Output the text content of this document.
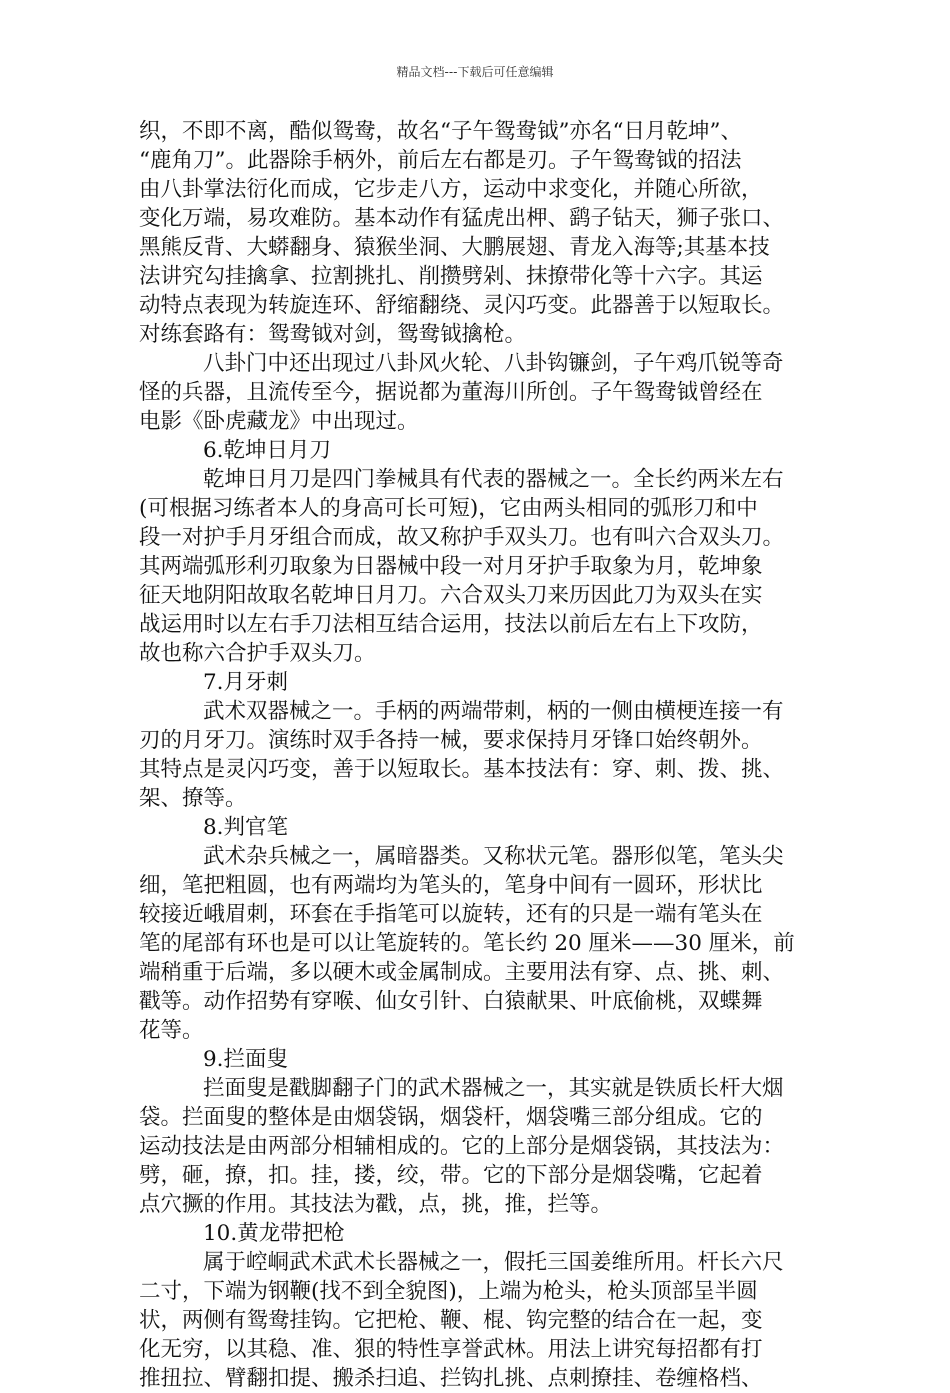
精品文档---下载后可任意编辑
织，不即不离，酷似鸳鸯，故名“子午鸳鸯钺”亦名“日月乾坤”、
“鹿角刀”。此器除手柄外，前后左右都是刃。子午鸳鸯钺的招法
由八卦掌法衍化而成，它步走八方，运动中求变化，并随心所欲，
变化万端，易攻难防。基本动作有猛虎出柙、鹞子钻天，狮子张口、
黑熊反背、大蟒翻身、猿猴坐洞、大鹏展翅、青龙入海等;其基本技
法讲究勾挂擒拿、拉割挑扎、削攒劈剁、抹撩带化等十六字。其运
动特点表现为转旋连环、舒缩翻绕、灵闪巧变。此器善于以短取长。
对练套路有：鸳鸯钺对剑，鸳鸯钺擒枪。
八卦门中还出现过八卦风火轮、八卦钩镰剑，子午鸡爪锐等奇
怪的兵器，且流传至今，据说都为董海川所创。子午鸳鸯钺曾经在
电影《卧虎藏龙》中出现过。
6.乾坤日月刀
乾坤日月刀是四门拳械具有代表的器械之一。全长约两米左右
(可根据习练者本人的身高可长可短)，它由两头相同的弧形刀和中
段一对护手月牙组合而成，故又称护手双头刀。也有叫六合双头刀。
其两端弧形利刃取象为日器械中段一对月牙护手取象为月，乾坤象
征天地阴阳故取名乾坤日月刀。六合双头刀来历因此刀为双头在实
战运用时以左右手刀法相互结合运用，技法以前后左右上下攻防，
故也称六合护手双头刀。
7.月牙刺
武术双器械之一。手柄的两端带刺，柄的一侧由横梗连接一有
刃的月牙刀。演练时双手各持一械，要求保持月牙锋口始终朝外。
其特点是灵闪巧变，善于以短取长。基本技法有：穿、刺、拨、挑、
架、撩等。
8.判官笔
武术杂兵械之一，属暗器类。又称状元笔。器形似笔，笔头尖
细，笔把粗圆，也有两端均为笔头的，笔身中间有一圆环，形状比
较接近峨眉刺，环套在手指笔可以旋转，还有的只是一端有笔头在
笔的尾部有环也是可以让笔旋转的。笔长约 20 厘米——30 厘米，前
端稍重于后端，多以硬木或金属制成。主要用法有穿、点、挑、刺、
戳等。动作招势有穿喉、仙女引针、白猿献果、叶底偷桃，双蝶舞
花等。
9.拦面叟
拦面叟是戳脚翻子门的武术器械之一，其实就是铁质长杆大烟
袋。拦面叟的整体是由烟袋锅，烟袋杆，烟袋嘴三部分组成。它的
运动技法是由两部分相辅相成的。它的上部分是烟袋锅，其技法为：
劈，砸，撩，扣。挂，搂，绞，带。它的下部分是烟袋嘴，它起着
点穴撅的作用。其技法为戳，点，挑，推，拦等。
10.黄龙带把枪
属于崆峒武术武术长器械之一，假托三国姜维所用。杆长六尺
二寸，下端为钢鞭(找不到全貌图)，上端为枪头，枪头顶部呈半圆
状，两侧有鸳鸯挂钩。它把枪、鞭、棍、钩完整的结合在一起，变
化无穷，以其稳、准、狠的特性享誉武林。用法上讲究每招都有打
推扭拉、臂翻扣提、搬杀扫追、拦钩扎挑、点刺撩挂、卷缠格档、
